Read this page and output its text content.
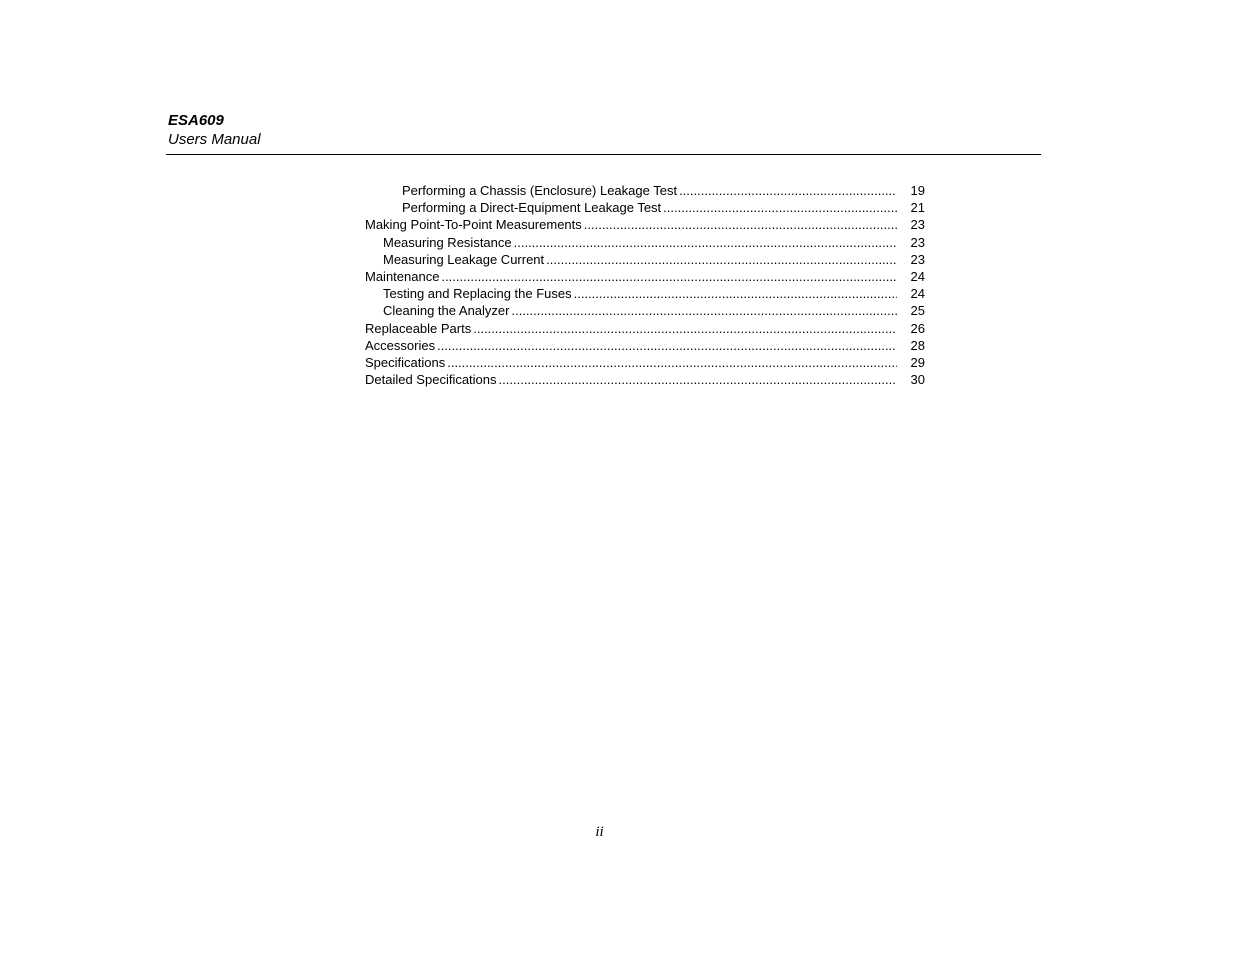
ESA609
Users Manual
Performing a Chassis (Enclosure) Leakage Test .....	19
Performing a Direct-Equipment Leakage Test .....	21
Making Point-To-Point Measurements .....	23
Measuring Resistance .....	23
Measuring Leakage Current .....	23
Maintenance .....	24
Testing and Replacing the Fuses .....	24
Cleaning the Analyzer .....	25
Replaceable Parts .....	26
Accessories .....	28
Specifications .....	29
Detailed Specifications .....	30
ii
